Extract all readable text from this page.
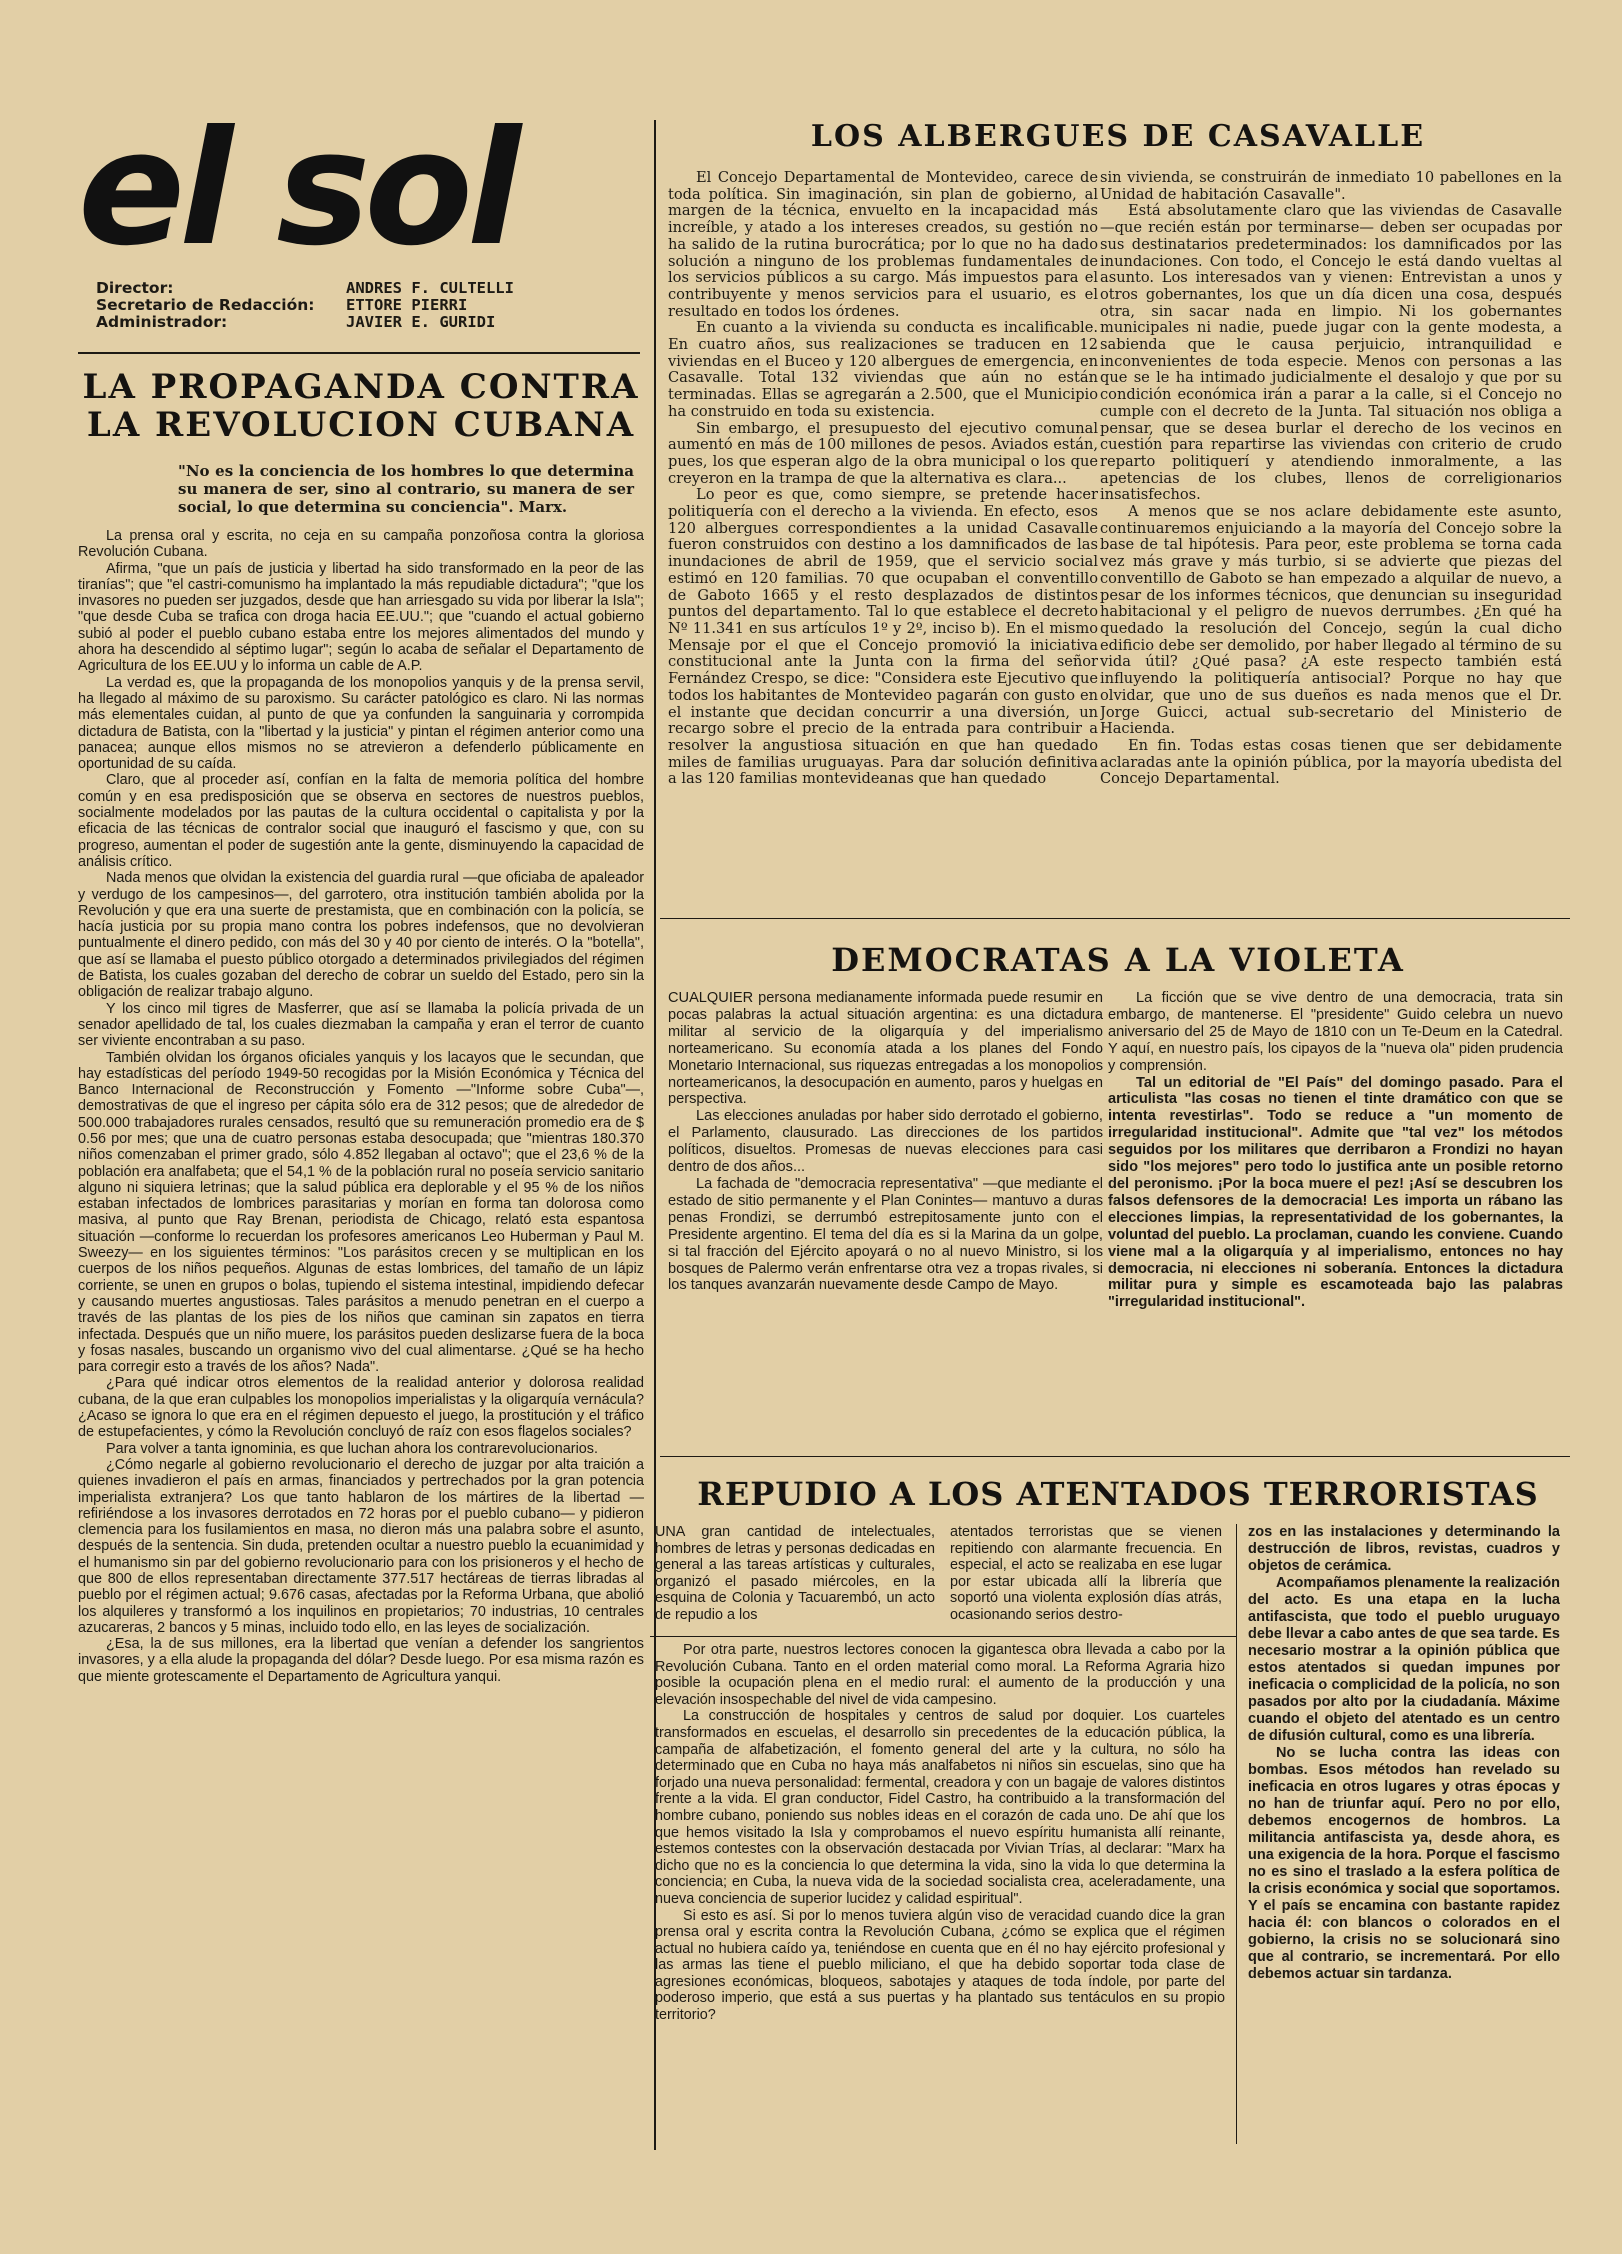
el sol
Director:	ANDRES F. CULTELLI
Secretario de Redacción:	ETTORE PIERRI
Administrador:	JAVIER E. GURIDI
LA PROPAGANDA CONTRA
LA REVOLUCION CUBANA
"No es la conciencia de los hombres lo que determina su manera de ser, sino al contrario, su manera de ser social, lo que determina su conciencia". Marx.

La prensa oral y escrita, no ceja en su campaña ponzoñosa contra la gloriosa Revolución Cubana.

Afirma, "que un país de justicia y libertad ha sido transformado en la peor de las tiranías"; que "el castri-comunismo ha implantado la más repudiable dictadura"; "que los invasores no pueden ser juzgados, desde que han arriesgado su vida por liberar la Isla"; "que desde Cuba se trafica con droga hacia EE.UU."; que "cuando el actual gobierno subió al poder el pueblo cubano estaba entre los mejores alimentados del mundo y ahora ha descendido al séptimo lugar"; según lo acaba de señalar el Departamento de Agricultura de los EE.UU y lo informa un cable de A.P.

La verdad es, que la propaganda de los monopolios yanquis y de la prensa servil, ha llegado al máximo de su paroxismo. Su carácter patológico es claro. Ni las normas más elementales cuidan, al punto de que ya confunden la sanguinaria y corrompida dictadura de Batista, con la "libertad y la justicia" y pintan el régimen anterior como una panacea; aunque ellos mismos no se atrevieron a defenderlo públicamente en oportunidad de su caída.

Claro, que al proceder así, confían en la falta de memoria política del hombre común y en esa predisposición que se observa en sectores de nuestros pueblos, socialmente modelados por las pautas de la cultura occidental o capitalista y por la eficacia de las técnicas de contralor social que inauguró el fascismo y que, con su progreso, aumentan el poder de sugestión ante la gente, disminuyendo la capacidad de análisis crítico.

Nada menos que olvidan la existencia del guardia rural —que oficiaba de apaleador y verdugo de los campesinos—, del garrotero, otra institución también abolida por la Revolución y que era una suerte de prestamista, que en combinación con la policía, se hacía justicia por su propia mano contra los pobres indefensos, que no devolvieran puntualmente el dinero pedido, con más del 30 y 40 por ciento de interés. O la "botella", que así se llamaba el puesto público otorgado a determinados privilegiados del régimen de Batista, los cuales gozaban del derecho de cobrar un sueldo del Estado, pero sin la obligación de realizar trabajo alguno.

Y los cinco mil tigres de Masferrer, que así se llamaba la policía privada de un senador apellidado de tal, los cuales diezmaban la campaña y eran el terror de cuanto ser viviente encontraban a su paso.

También olvidan los órganos oficiales yanquis y los lacayos que le secundan, que hay estadísticas del período 1949-50 recogidas por la Misión Económica y Técnica del Banco Internacional de Reconstrucción y Fomento —"Informe sobre Cuba"—, demostrativas de que el ingreso per cápita sólo era de 312 pesos; que de alrededor de 500.000 trabajadores rurales censados, resultó que su remuneración promedio era de $ 0.56 por mes; que una de cuatro personas estaba desocupada; que "mientras 180.370 niños comenzaban el primer grado, sólo 4.852 llegaban al octavo"; que el 23,6 % de la población era analfabeta; que el 54,1 % de la población rural no poseía servicio sanitario alguno ni siquiera letrinas; que la salud pública era deplorable y el 95 % de los niños estaban infectados de lombrices parasitarias y morían en forma tan dolorosa como masiva, al punto que Ray Brenan, periodista de Chicago, relató esta espantosa situación —conforme lo recuerdan los profesores americanos Leo Huberman y Paul M. Sweezy— en los siguientes términos: "Los parásitos crecen y se multiplican en los cuerpos de los niños pequeños. Algunas de estas lombrices, del tamaño de un lápiz corriente, se unen en grupos o bolas, tupiendo el sistema intestinal, impidiendo defecar y causando muertes angustiosas. Tales parásitos a menudo penetran en el cuerpo a través de las plantas de los pies de los niños que caminan sin zapatos en tierra infectada. Después que un niño muere, los parásitos pueden deslizarse fuera de la boca y fosas nasales, buscando un organismo vivo del cual alimentarse. ¿Qué se ha hecho para corregir esto a través de los años? Nada".

¿Para qué indicar otros elementos de la realidad anterior y dolorosa realidad cubana, de la que eran culpables los monopolios imperialistas y la oligarquía vernácula? ¿Acaso se ignora lo que era en el régimen depuesto el juego, la prostitución y el tráfico de estupefacientes, y cómo la Revolución concluyó de raíz con esos flagelos sociales?

Para volver a tanta ignominia, es que luchan ahora los contrarevolucionarios.

¿Cómo negarle al gobierno revolucionario el derecho de juzgar por alta traición a quienes invadieron el país en armas, financiados y pertrechados por la gran potencia imperialista extranjera? Los que tanto hablaron de los mártires de la libertad —refiriéndose a los invasores derrotados en 72 horas por el pueblo cubano— y pidieron clemencia para los fusilamientos en masa, no dieron más una palabra sobre el asunto, después de la sentencia. Sin duda, pretenden ocultar a nuestro pueblo la ecuanimidad y el humanismo sin par del gobierno revolucionario para con los prisioneros y el hecho de que 800 de ellos representaban directamente 377.517 hectáreas de tierras libradas al pueblo por el régimen actual; 9.676 casas, afectadas por la Reforma Urbana, que abolió los alquileres y transformó a los inquilinos en propietarios; 70 industrias, 10 centrales azucareras, 2 bancos y 5 minas, incluido todo ello, en las leyes de socialización.

¿Esa, la de sus millones, era la libertad que venían a defender los sangrientos invasores, y a ella alude la propaganda del dólar? Desde luego. Por esa misma razón es que miente grotescamente el Departamento de Agricultura yanqui.

LOS ALBERGUES DE CASAVALLE

El Concejo Departamental de Montevideo, carece de toda política. Sin imaginación, sin plan de gobierno, al margen de la técnica, envuelto en la incapacidad más increíble, y atado a los intereses creados, su gestión no ha salido de la rutina burocrática; por lo que no ha dado solución a ninguno de los problemas fundamentales de los servicios públicos a su cargo. Más impuestos para el contribuyente y menos servicios para el usuario, es el resultado en todos los órdenes.

En cuanto a la vivienda su conducta es incalificable. En cuatro años, sus realizaciones se traducen en 12 viviendas en el Buceo y 120 albergues de emergencia, en Casavalle. Total 132 viviendas que aún no están terminadas. Ellas se agregarán a 2.500, que el Municipio ha construido en toda su existencia.

Sin embargo, el presupuesto del ejecutivo comunal aumentó en más de 100 millones de pesos. Aviados están, pues, los que esperan algo de la obra municipal o los que creyeron en la trampa de que la alternativa es clara...

Lo peor es que, como siempre, se pretende hacer politiquería con el derecho a la vivienda. En efecto, esos 120 albergues correspondientes a la unidad Casavalle fueron construidos con destino a los damnificados de las inundaciones de abril de 1959, que el servicio social estimó en 120 familias. 70 que ocupaban el conventillo de Gaboto 1665 y el resto desplazados de distintos puntos del departamento. Tal lo que establece el decreto Nº 11.341 en sus artículos 1º y 2º, inciso b). En el mismo Mensaje por el que el Concejo promovió la iniciativa constitucional ante la Junta con la firma del señor Fernández Crespo, se dice: "Considera este Ejecutivo que todos los habitantes de Montevideo pagarán con gusto en el instante que decidan concurrir a una diversión, un recargo sobre el precio de la entrada para contribuir a resolver la angustiosa situación en que han quedado miles de familias uruguayas. Para dar solución definitiva a las 120 familias montevideanas que han quedado

sin vivienda, se construirán de inmediato 10 pabellones en la Unidad de habitación Casavalle".

Está absolutamente claro que las viviendas de Casavalle —que recién están por terminarse— deben ser ocupadas por sus destinatarios predeterminados: los damnificados por las inundaciones. Con todo, el Concejo le está dando vueltas al asunto. Los interesados van y vienen: Entrevistan a unos y otros gobernantes, los que un día dicen una cosa, después otra, sin sacar nada en limpio. Ni los gobernantes municipales ni nadie, puede jugar con la gente modesta, a sabienda que le causa perjuicio, intranquilidad e inconvenientes de toda especie. Menos con personas a las que se le ha intimado judicialmente el desalojo y que por su condición económica irán a parar a la calle, si el Concejo no cumple con el decreto de la Junta. Tal situación nos obliga a pensar, que se desea burlar el derecho de los vecinos en cuestión para repartirse las viviendas con criterio de crudo reparto politiquerí y atendiendo inmoralmente, a las apetencias de los clubes, llenos de correligionarios insatisfechos.

A menos que se nos aclare debidamente este asunto, continuaremos enjuiciando a la mayoría del Concejo sobre la base de tal hipótesis. Para peor, este problema se torna cada vez más grave y más turbio, si se advierte que piezas del conventillo de Gaboto se han empezado a alquilar de nuevo, a pesar de los informes técnicos, que denuncian su inseguridad habitacional y el peligro de nuevos derrumbes. ¿En qué ha quedado la resolución del Concejo, según la cual dicho edificio debe ser demolido, por haber llegado al término de su vida útil? ¿Qué pasa? ¿A este respecto también está influyendo la politiquería antisocial? Porque no hay que olvidar, que uno de sus dueños es nada menos que el Dr. Jorge Guicci, actual sub-secretario del Ministerio de Hacienda.

En fin. Todas estas cosas tienen que ser debidamente aclaradas ante la opinión pública, por la mayoría ubedista del Concejo Departamental.

DEMOCRATAS A LA VIOLETA

CUALQUIER persona medianamente informada puede resumir en pocas palabras la actual situación argentina: es una dictadura militar al servicio de la oligarquía y del imperialismo norteamericano. Su economía atada a los planes del Fondo Monetario Internacional, sus riquezas entregadas a los monopolios norteamericanos, la desocupación en aumento, paros y huelgas en perspectiva.

Las elecciones anuladas por haber sido derrotado el gobierno, el Parlamento, clausurado. Las direcciones de los partidos políticos, disueltos. Promesas de nuevas elecciones para casi dentro de dos años...

La fachada de "democracia representativa" —que mediante el estado de sitio permanente y el Plan Conintes— mantuvo a duras penas Frondizi, se derrumbó estrepitosamente junto con el Presidente argentino. El tema del día es si la Marina da un golpe, si tal fracción del Ejército apoyará o no al nuevo Ministro, si los bosques de Palermo verán enfrentarse otra vez a tropas rivales, si los tanques avanzarán nuevamente desde Campo de Mayo.

La ficción que se vive dentro de una democracia, trata sin embargo, de mantenerse. El "presidente" Guido celebra un nuevo aniversario del 25 de Mayo de 1810 con un Te-Deum en la Catedral. Y aquí, en nuestro país, los cipayos de la "nueva ola" piden prudencia y comprensión.

Tal un editorial de "El País" del domingo pasado. Para el articulista "las cosas no tienen el tinte dramático con que se intenta revestirlas". Todo se reduce a "un momento de irregularidad institucional". Admite que "tal vez" los métodos seguidos por los militares que derribaron a Frondizi no hayan sido "los mejores" pero todo lo justifica ante un posible retorno del peronismo. ¡Por la boca muere el pez! ¡Así se descubren los falsos defensores de la democracia! Les importa un rábano las elecciones limpias, la representatividad de los gobernantes, la voluntad del pueblo. La proclaman, cuando les conviene. Cuando viene mal a la oligarquía y al imperialismo, entonces no hay democracia, ni elecciones ni soberanía. Entonces la dictadura militar pura y simple es escamoteada bajo las palabras "irregularidad institucional".

REPUDIO A LOS ATENTADOS TERRORISTAS

UNA gran cantidad de intelectuales, hombres de letras y personas dedicadas en general a las tareas artísticas y culturales, organizó el pasado miércoles, en la esquina de Colonia y Tacuarembó, un acto de repudio a los

atentados terroristas que se vienen repitiendo con alarmante frecuencia. En especial, el acto se realizaba en ese lugar por estar ubicada allí la librería que soportó una violenta explosión días atrás, ocasionando serios destro-

zos en las instalaciones y determinando la destrucción de libros, revistas, cuadros y objetos de cerámica.

Acompañamos plenamente la realización del acto. Es una etapa en la lucha antifascista, que todo el pueblo uruguayo debe llevar a cabo antes de que sea tarde. Es necesario mostrar a la opinión pública que estos atentados si quedan impunes por ineficacia o complicidad de la policía, no son pasados por alto por la ciudadanía. Máxime cuando el objeto del atentado es un centro de difusión cultural, como es una librería.

No se lucha contra las ideas con bombas. Esos métodos han revelado su ineficacia en otros lugares y otras épocas y no han de triunfar aquí. Pero no por ello, debemos encogernos de hombros. La militancia antifascista ya, desde ahora, es una exigencia de la hora. Porque el fascismo no es sino el traslado a la esfera política de la crisis económica y social que soportamos. Y el país se encamina con bastante rapidez hacia él: con blancos o colorados en el gobierno, la crisis no se solucionará sino que al contrario, se incrementará. Por ello debemos actuar sin tardanza.

Por otra parte, nuestros lectores conocen la gigantesca obra llevada a cabo por la Revolución Cubana. Tanto en el orden material como moral. La Reforma Agraria hizo posible la ocupación plena en el medio rural: el aumento de la producción y una elevación insospechable del nivel de vida campesino.

La construcción de hospitales y centros de salud por doquier. Los cuarteles transformados en escuelas, el desarrollo sin precedentes de la educación pública, la campaña de alfabetización, el fomento general del arte y la cultura, no sólo ha determinado que en Cuba no haya más analfabetos ni niños sin escuelas, sino que ha forjado una nueva personalidad: fermental, creadora y con un bagaje de valores distintos frente a la vida. El gran conductor, Fidel Castro, ha contribuido a la transformación del hombre cubano, poniendo sus nobles ideas en el corazón de cada uno. De ahí que los que hemos visitado la Isla y comprobamos el nuevo espíritu humanista allí reinante, estemos contestes con la observación destacada por Vivian Trías, al declarar: "Marx ha dicho que no es la conciencia lo que determina la vida, sino la vida lo que determina la conciencia; en Cuba, la nueva vida de la sociedad socialista crea, aceleradamente, una nueva conciencia de superior lucidez y calidad espiritual".

Si esto es así. Si por lo menos tuviera algún viso de veracidad cuando dice la gran prensa oral y escrita contra la Revolución Cubana, ¿cómo se explica que el régimen actual no hubiera caído ya, teniéndose en cuenta que en él no hay ejército profesional y las armas las tiene el pueblo miliciano, el que ha debido soportar toda clase de agresiones económicas, bloqueos, sabotajes y ataques de toda índole, por parte del poderoso imperio, que está a sus puertas y ha plantado sus tentáculos en su propio territorio?
